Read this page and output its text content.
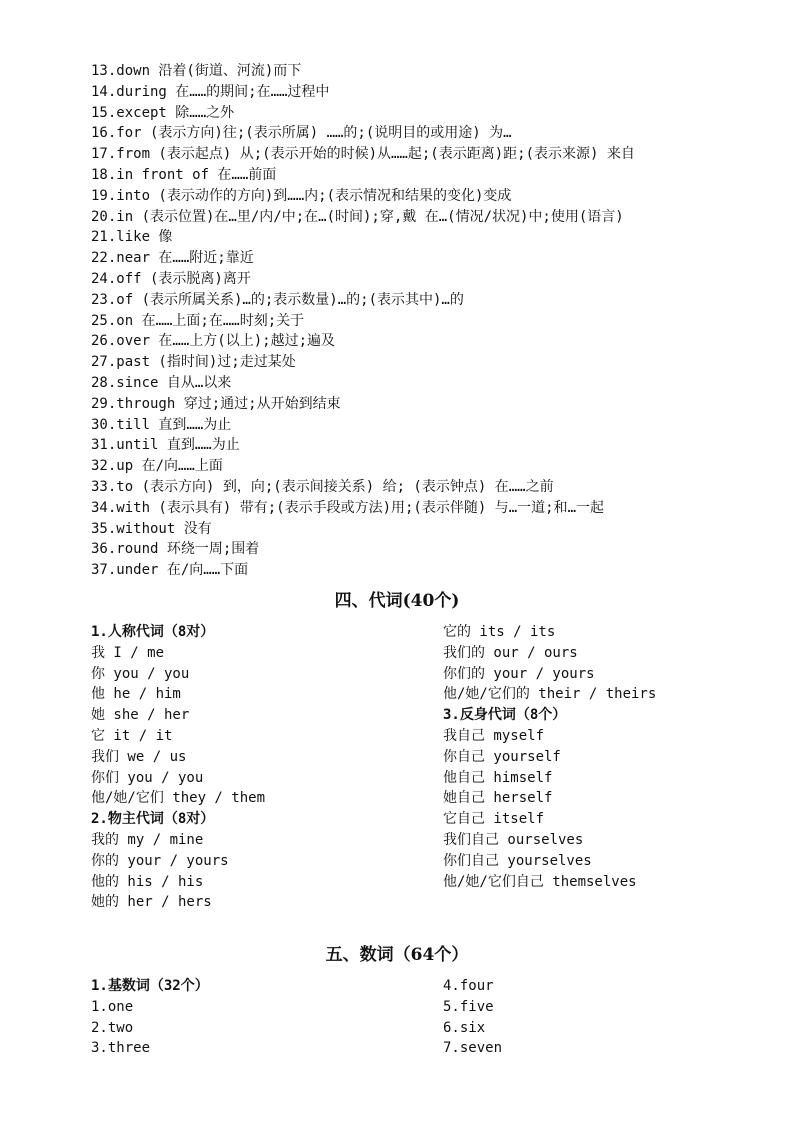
13.down 沿着(街道、河流)而下
14.during 在……的期间;在……过程中
15.except 除……之外
16.for (表示方向)往;(表示所属) ……的;(说明目的或用途) 为…
17.from (表示起点) 从;(表示开始的时候)从……起;(表示距离)距;(表示来源) 来自
18.in front of 在……前面
19.into (表示动作的方向)到……内;(表示情况和结果的变化)变成
20.in (表示位置)在…里/内/中;在…(时间);穿,戴 在…(情况/状况)中;使用(语言)
21.like 像
22.near 在……附近;靠近
24.off (表示脱离)离开
23.of (表示所属关系)…的;表示数量)…的;(表示其中)…的
25.on 在……上面;在……时刻;关于
26.over 在……上方(以上);越过;遍及
27.past (指时间)过;走过某处
28.since 自从…以来
29.through 穿过;通过;从开始到结束
30.till 直到……为止
31.until 直到……为止
32.up 在/向……上面
33.to (表示方向) 到，向;(表示间接关系) 给; (表示钟点) 在……之前
34.with (表示具有) 带有;(表示手段或方法)用;(表示伴随) 与…一道;和…一起
35.without 没有
36.round 环绕一周;围着
37.under 在/向……下面
四、代词(40个)
1.人称代词（8对）
我 I / me
你 you / you
他 he / him
她 she / her
它 it / it
我们 we / us
你们 you / you
他/她/它们 they / them
2.物主代词（8对）
我的 my / mine
你的 your / yours
他的 his / his
她的 her / hers
它的 its / its
我们的 our / ours
你们的 your / yours
他/她/它们的 their / theirs
3.反身代词（8个）
我自己 myself
你自己 yourself
他自己 himself
她自己 herself
它自己 itself
我们自己 ourselves
你们自己 yourselves
他/她/它们自己 themselves
五、数词（64个）
1.基数词（32个）
1.one
2.two
3.three
4.four
5.five
6.six
7.seven
